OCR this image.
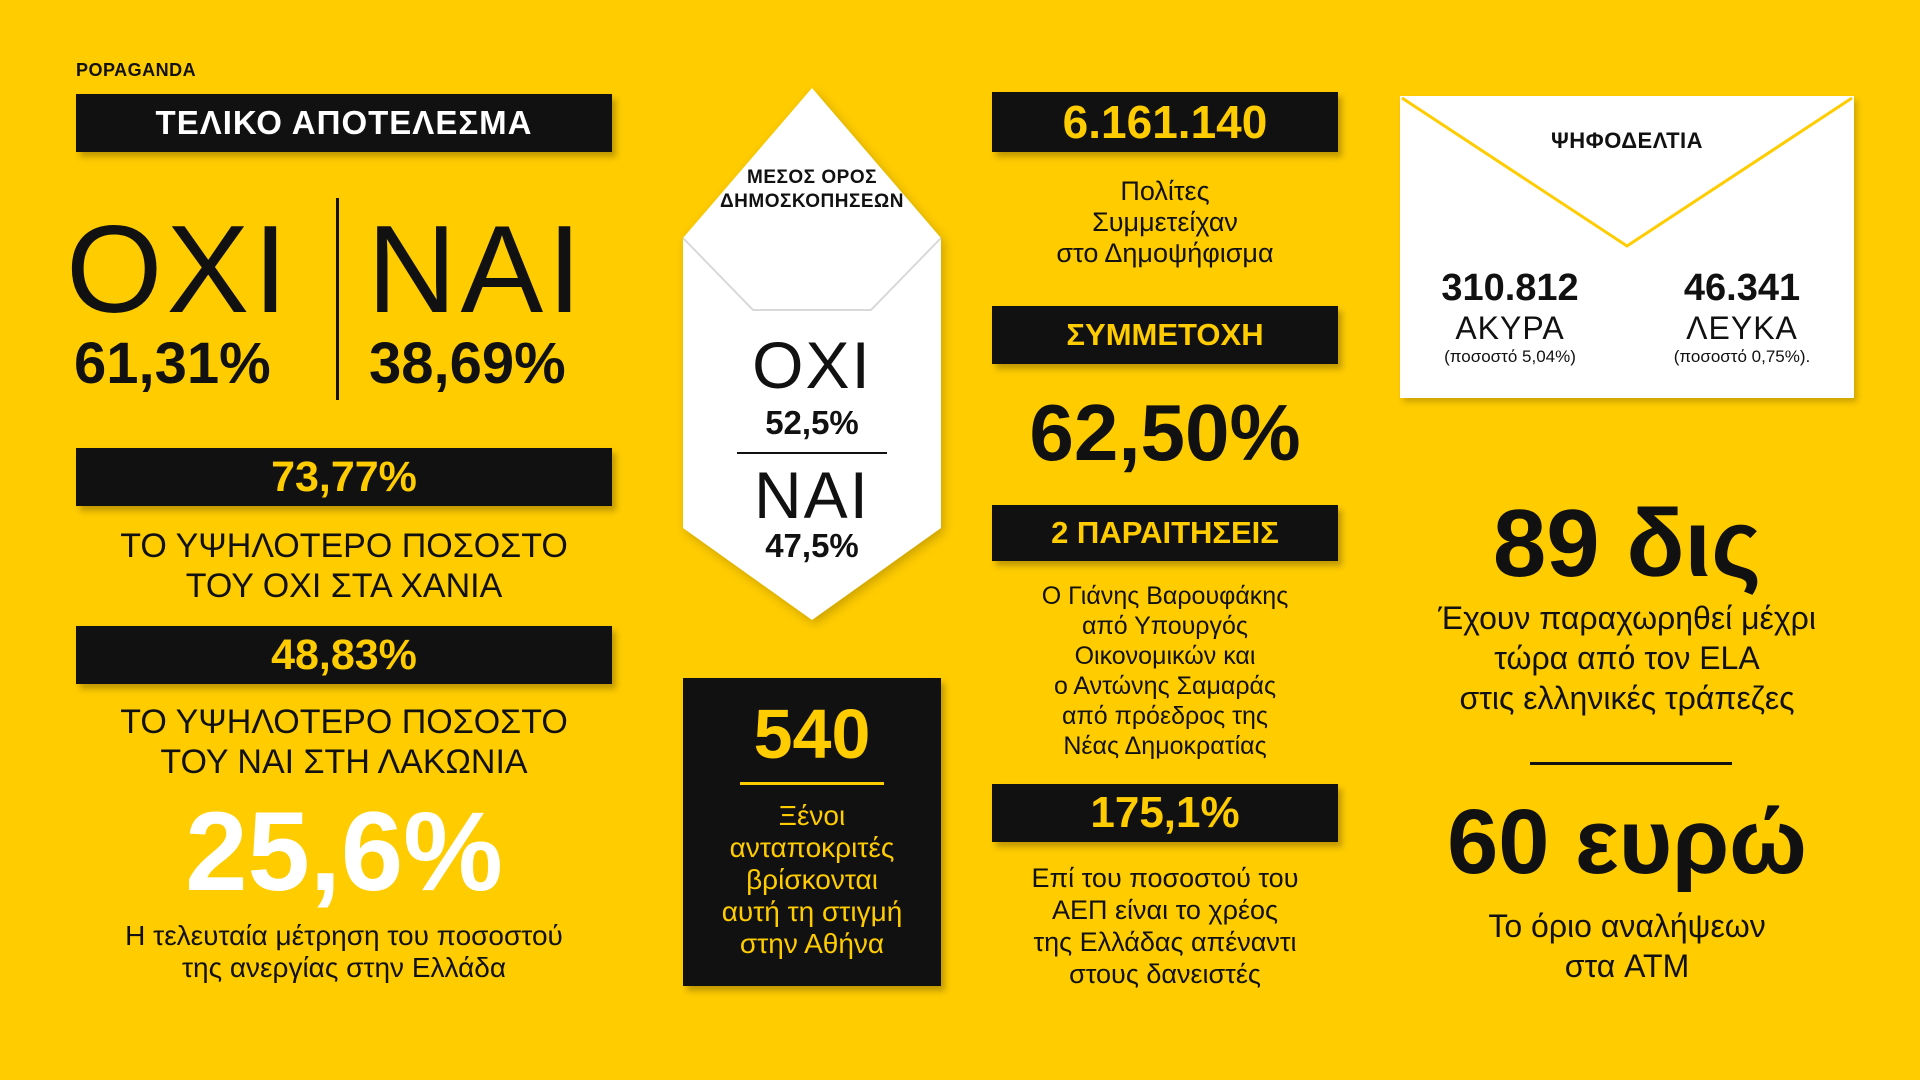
POPAGANDA
ΤΕΛΙΚΟ ΑΠΟΤΕΛΕΣΜΑ
ΟΧΙ
61,31%
ΝΑΙ
38,69%
73,77%
ΤΟ ΥΨΗΛΟΤΕΡΟ ΠΟΣΟΣΤΟ
ΤΟΥ ΟΧΙ ΣΤΑ ΧΑΝΙΑ
48,83%
ΤΟ ΥΨΗΛΟΤΕΡΟ ΠΟΣΟΣΤΟ
ΤΟΥ ΝΑΙ ΣΤΗ ΛΑΚΩΝΙΑ
25,6%
Η τελευταία μέτρηση του ποσοστού
της ανεργίας στην Ελλάδα
ΜΕΣΟΣ ΟΡΟΣ
ΔΗΜΟΣΚΟΠΗΣΕΩΝ
ΟΧΙ
52,5%
ΝΑΙ
47,5%
540
Ξένοι
ανταποκριτές
βρίσκονται
αυτή τη στιγμή
στην Αθήνα
6.161.140
Πολίτες
Συμμετείχαν
στο Δημοψήφισμα
ΣΥΜΜΕΤΟΧΗ
62,50%
2 ΠΑΡΑΙΤΗΣΕΙΣ
Ο Γιάνης Βαρουφάκης
από Υπουργός
Οικονομικών και
ο Αντώνης Σαμαράς
από πρόεδρος της
Νέας Δημοκρατίας
175,1%
Επί του ποσοστού του
ΑΕΠ είναι το χρέος
της Ελλάδας απέναντι
στους δανειστές
ΨΗΦΟΔΕΛΤΙΑ
310.812
ΑΚΥΡΑ
(ποσοστό 5,04%)
46.341
ΛΕΥΚΑ
(ποσοστό 0,75%).
89 δις
Έχουν παραχωρηθεί μέχρι
τώρα από τον ELA
στις ελληνικές τράπεζες
60 ευρώ
Το όριο αναλήψεων
στα ATM
